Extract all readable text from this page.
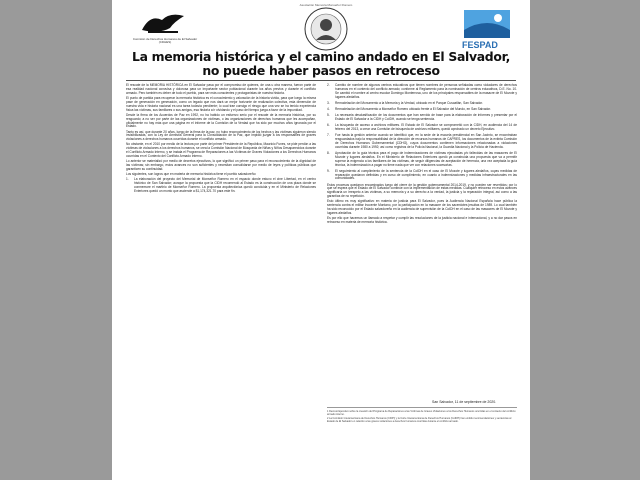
Comisión de Derechos Humanos de El Salvador (CDHES)
Asociación Memoria Monseñor Romero
FESPAD
La memoria histórica y el camino andado en El Salvador,
no puede haber pasos en retroceso

El rescate de la MEMORIA HISTÓRICA en El Salvador pasa por el compromiso de quienes, de una u otra manera, fueron parte de esa realidad nacional convulsa y dolorosa para un importante sector poblacional durante los años previos y durante el conflicto armado. Pero también es deber de todo el pueblo, para ser más conscientes y protagonistas de nuestra historia.

El punto de partida para recuperar la memoria histórica es el conocimiento y valoración de la historia vivida, para que luego la misma pase de generación en generación, como un legado que nos dará un mejor horizonte de realización colectiva, esta dimensión de nuestra vida e historia nacional es una tarea todavía pendiente; lo cual trae consigo el riesgo que una vez se ha tenido experiencia física las víctimas, sus familiares o sus amigos, esa historia a ir olvidando y el paso del tiempo juega a favor de la impunidad.

Desde la firma de los Acuerdos de Paz en 1992, no ha habido un esfuerzo serio por el rescate de la memoria histórica, por su resguardo; a no ser por parte de las organizaciones de víctimas, o las organizaciones de derechos humanos que les acompañan, oficialmente no hay más que una página en el informe de la Comisión de la Verdad que ha sido por muchos años ignorada por el Estado.

Tanto es así, que durante 20 años, luego de la firma de la paz, no hubo reconocimiento de los hechos y las víctimas siguieron siendo invisibilizadas, con la Ley de Amnistía General para la Consolidación de la Paz, que impidió juzgar a los responsables de graves violaciones a derechos humanos ocurridas durante el conflicto armado.

No obstante, en el 2010 por medio de la lectura por parte del primer Presidente de la República, Mauricio Funes, se pide perdón a las víctimas de violaciones a los derechos humanos, se crea la Comisión Nacional de Búsqueda de Niñas y Niños Desaparecidos durante el Conflicto Armado Interno, y se instala el Programa de Reparaciones a las Víctimas de Graves Violaciones a los Derechos Humanos ocurridas en el Contexto del Conflicto Armado Interno.

Lo anterior se materializó por medio de decretos ejecutivos, lo que significó un primer paso para el reconocimiento de la dignidad de las víctimas; sin embargo, estos avances no son suficientes y necesitan consolidarse por medio de leyes y políticas públicas que garanticen su continuidad.

Los siguientes, son logros que en materia de memoria histórica tiene el pueblo salvadoreño:

1.	La elaboración del proyecto del Memorial de Monseñor Romero en el espacio donde estuvo el cine Libertad, en el centro histórico de San Salvador; aunque la propuesta que la CIDH recomendó al Estado es la construcción de una plaza donde se conmemore el martirio de Monseñor Romero. La propuesta arquitectónica quedó concluida y en el Ministerio de Relaciones Exteriores quedó un monto que asciende a $1,174,321.70 para este fin.
2.	Cambio de nombre de algunos centros educativos que tienen nombres de personas señaladas como violadores de derechos humanos en el contexto del conflicto armado; conforme al Reglamento para la nominación de centros educativos, D.E. No. 10. Se cambió el nombre al centro escolar Domingo Monterrosa, uno de los principales responsables de la masacre de El Mozote y lugares aledaños.
3.	Remodelación del Monumento a la Memoria y la Verdad, ubicado en el Parque Cuscatlán, San Salvador.
4.	Remodelación del Monumento a Monseñor Romero ubicado frente a El Salvador del Mundo, en San Salvador.
5.	La necesaria desclasificación de los documentos que han servido de base para la elaboración de informes y presentar por el Estado de El Salvador a la CIDH y CoIDH, cuando se tenga sentencia.
6.	La búsqueda de acceso a archivos militares. El Estado de El Salvador se comprometió con la CIDH, en audiencia del 14 de febrero del 2013, a crear una Comisión de búsqueda de archivos militares, quedó aprobado un decreto Ejecutivo.
7.	Fue hasta la gestión anterior cuando se identificó que, en la sede de la escuela presidencial en San Jacinto, se encontraban resguardados bajo la responsabilidad de la dirección de recursos humanos de CAPRES, los documentos de la extinta Comisión de Derechos Humanos Gubernamental (CDHG), cuyos documentos contienen informaciones relacionadas a violaciones ocurridas durante 1980 a 1992; así como registros de la Policía Nacional, la Guardia Nacional y la Policía de Hacienda.
8.	Aprobación de la guía técnica para el pago de indemnizaciones de víctimas ejecutadas y/o fallecidas de las masacres de El Mozote y lugares aledaños. En el Ministerio de Relaciones Exteriores quedó ya construida una propuesta que va a permitir superar la exigencia a los familiares de las víctimas, de seguir diligencias de aceptación de herencia, una vez aceptada la guía técnica, la indemnización a pagar no tiene nada que ver con relaciones sucesorias.
9.	El seguimiento al cumplimiento de la sentencia de la CoIDH en el caso de El Mozote y lugares aledaños, cuyas medidas de reparación quedaron definidas y en curso de cumplimiento, en cuanto a indemnizaciones y medidas infraestructurales en las comunidades.

Estos procesos quedaron encaminados luego del cierre de la gestión gubernamental 2014-2019, y no pueden ser revertidos; por lo que se espera que el Estado de El Salvador continúe con la implementación de estas medidas. Cualquier retroceso en estos avances significaría un irrespeto a las víctimas, a su memoria y a su derecho a la verdad, la justicia y la reparación integral, así como a las garantías de no repetición.

Esto último es muy significativo en materia de justicia para El Salvador, pues la Audiencia Nacional Española hace pública la sentencia contra el militar Inocente Montano, por la participación en la masacre de los sacerdotes jesuitas de 1989. Lo cual también ha sido reconocido por el Estado salvadoreño en la audiencia de supervisión de la CoIDH en el caso de las masacres de El Mozote y lugares aledaños.

Es por ello que hacemos un llamado a respetar y cumplir las resoluciones de la justicia nacional e internacional, y a no dar pasos en retroceso en materia de memoria histórica.

San Salvador, 11 de septiembre de 2020.

1 Decreto Ejecutivo sobre la creación del Programa de Reparaciones a las Víctimas de Graves Violaciones a los Derechos Humanos ocurridas en el contexto del conflicto armado interno.

2 La Comisión Interamericana de Derechos Humanos (CIDH) y la Corte Interamericana de Derechos Humanos (CoIDH) han emitido recomendaciones y sentencias al Estado de El Salvador en relación a las graves violaciones a derechos humanos ocurridas durante el conflicto armado.
